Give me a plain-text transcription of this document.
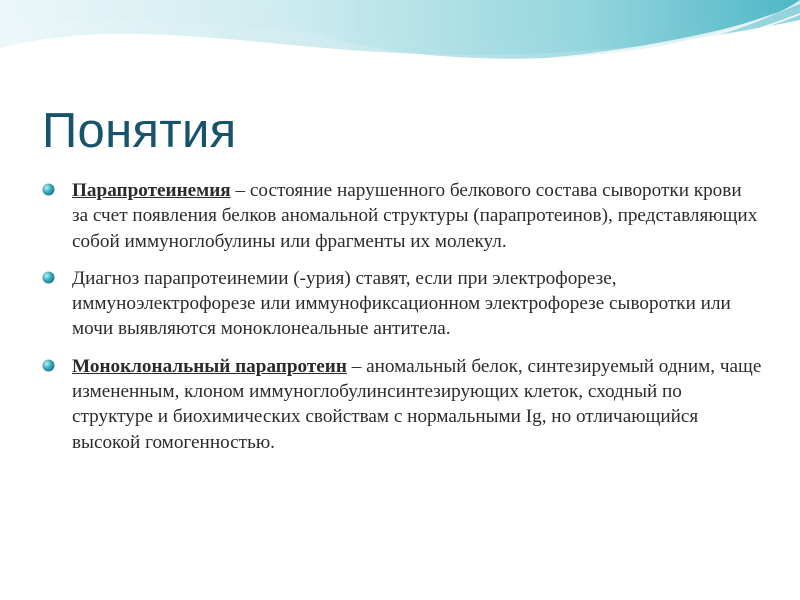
Понятия
Парапротеинемия – состояние нарушенного белкового состава сыворотки крови за счет появления белков аномальной структуры (парапротеинов), представляющих собой иммуноглобулины или фрагменты их молекул.
Диагноз парапротеинемии (-урия) ставят, если при электрофорезе, иммуноэлектрофорезе или иммунофиксационном электрофорезе сыворотки или мочи выявляются моноклонеальные антитела.
Моноклональный парапротеин – аномальный белок, синтезируемый одним, чаще измененным, клоном иммуноглобулинсинтезирующих клеток, сходный по структуре и биохимических свойствам с нормальными Ig, но отличающийся высокой гомогенностью.
